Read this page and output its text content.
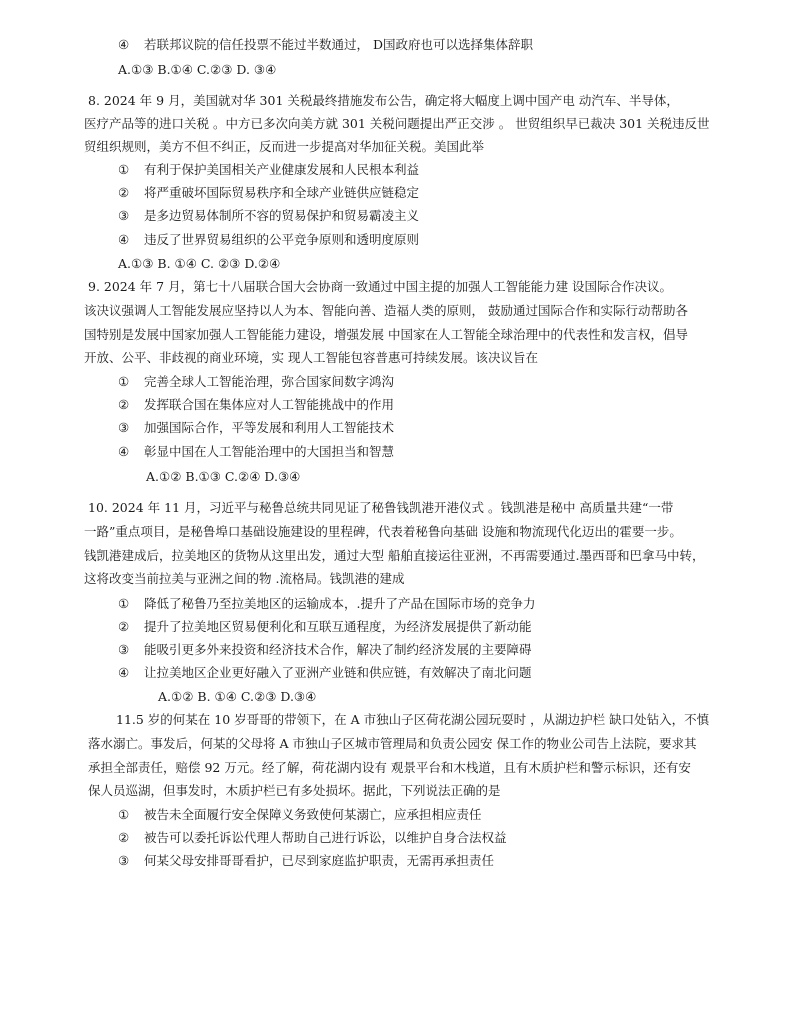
④ 若联邦议院的信任投票不能过半数通过， D国政府也可以选择集体辞职
A.①③ B.①④ C.②③ D. ③④
8. 2024 年 9 月，美国就对华 301 关税最终措施发布公告，确定将大幅度上调中国产电 动汽车、半导体，
医疗产品等的进口关税 。中方已多次向美方就 301 关税问题提出严正交涉 。 世贸组织早已裁决 301 关税违反世
贸组织规则，美方不但不纠正，反而进一步提高对华加征关税。美国此举
① 有利于保护美国相关产业健康发展和人民根本利益
② 将严重破坏国际贸易秩序和全球产业链供应链稳定
③ 是多边贸易体制所不容的贸易保护和贸易霸凌主义
④ 违反了世界贸易组织的公平竞争原则和透明度原则
A.①③ B. ①④ C. ②③ D.②④
9. 2024 年 7 月，第七十八届联合国大会协商一致通过中国主提的加强人工智能能力建 设国际合作决议。
该决议强调人工智能发展应坚持以人为本、智能向善、造福人类的原则， 鼓励通过国际合作和实际行动帮助各
国特别是发展中国家加强人工智能能力建设，增强发展 中国家在人工智能全球治理中的代表性和发言权，倡导
开放、公平、非歧视的商业环境，实 现人工智能包容普惠可持续发展。该决议旨在
① 完善全球人工智能治理，弥合国家间数字鸿沟
② 发挥联合国在集体应对人工智能挑战中的作用
③ 加强国际合作，平等发展和利用人工智能技术
④ 彰显中国在人工智能治理中的大国担当和智慧
A.①② B.①③ C.②④ D.③④
10. 2024 年 11 月，习近平与秘鲁总统共同见证了秘鲁钱凯港开港仪式 。钱凯港是秘中 高质量共建“一带
一路”重点项目，是秘鲁埠口基础设施建设的里程碑，代表着秘鲁向基础 设施和物流现代化迈出的霍要一步。
钱凯港建成后，拉美地区的货物从这里出发，通过大型 船舶直接运往亚洲，不再需要通过.墨西哥和巴拿马中转，
这将改变当前拉美与亚洲之间的物 .流格局。钱凯港的建成
① 降低了秘鲁乃至拉美地区的运输成本，.提升了产品在国际市场的竞争力
② 提升了拉美地区贸易便利化和互联互通程度，为经济发展提供了新动能
③ 能吸引更多外来投资和经济技术合作，解决了制约经济发展的主要障碍
④ 让拉美地区企业更好融入了亚洲产业链和供应链，有效解决了南北问题
A.①② B. ①④ C.②③ D.③④
11.5 岁的何某在 10 岁哥哥的带领下，在 A 市独山子区荷花湖公园玩耍时 ，从湖边护栏 缺口处钻入，不慎
落水溺亡。事发后，何某的父母将 A 市独山子区城市管理局和负责公园安 保工作的物业公司告上法院，要求其
承担全部责任，赔偿 92 万元。经了解，荷花湖内设有 观景平台和木栈道，且有木质护栏和警示标识，还有安
保人员巡湖，但事发时，木质护栏已有多处损坏。据此，下列说法正确的是
① 被告未全面履行安全保障义务致使何某溺亡，应承担相应责任
② 被告可以委托诉讼代理人帮助自己进行诉讼，以维护自身合法权益
③ 何某父母安排哥哥看护，已尽到家庭监护职责，无需再承担责任
